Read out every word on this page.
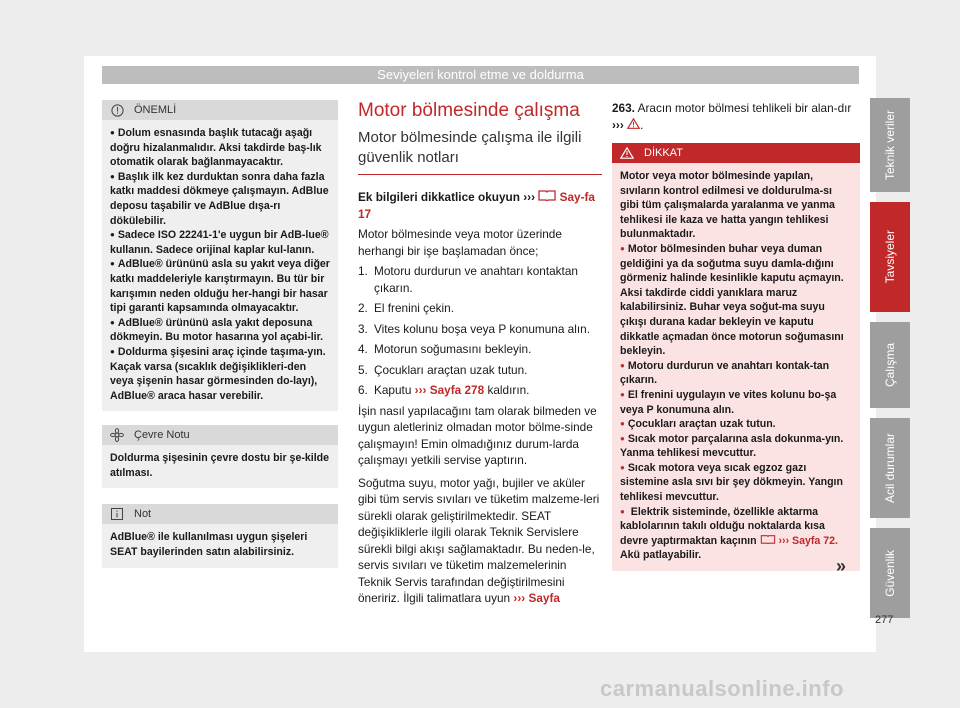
Seviyeleri kontrol etme ve doldurma
ÖNEMLİ

● Dolum esnasında başlık tutacağı aşağı doğru hizalanmalıdır. Aksi takdirde baş-lık otomatik olarak bağlanmayacaktır.

● Başlık ilk kez durduktan sonra daha fazla katkı maddesi dökmeye çalışmayın. AdBlue deposu taşabilir ve AdBlue dışa-rı dökülebilir.

● Sadece ISO 22241-1'e uygun bir AdB-lue® kullanın. Sadece orijinal kaplar kul-lanın.

● AdBlue® ürününü asla su yakıt veya diğer katkı maddeleriyle karıştırmayın. Bu tür bir karışımın neden olduğu her-hangi bir hasar tipi garanti kapsamında olmayacaktır.

● AdBlue® ürününü asla yakıt deposuna dökmeyin. Bu motor hasarına yol açabi-lir.

● Doldurma şişesini araç içinde taşıma-yın. Kaçak varsa (sıcaklık değişiklikleri-den veya şişenin hasar görmesinden do-layı), AdBlue® araca hasar verebilir.

Çevre Notu

Doldurma şişesinin çevre dostu bir şe-kilde atılması.

Not

AdBlue® ile kullanılması uygun şişeleri SEAT bayilerinden satın alabilirsiniz.

Motor bölmesinde çalışma
Motor bölmesinde çalışma ile ilgili güvenlik notları

Ek bilgileri dikkatlice okuyun ››› Say-fa 17

Motor bölmesinde veya motor üzerinde herhangi bir işe başlamadan önce;

1. Motoru durdurun ve anahtarı kontaktan çıkarın.
2. El frenini çekin.
3. Vites kolunu boşa veya P konumuna alın.
4. Motorun soğumasını bekleyin.
5. Çocukları araçtan uzak tutun.
6. Kaputu ››› Sayfa 278 kaldırın.

İşin nasıl yapılacağını tam olarak bilmeden ve uygun aletleriniz olmadan motor bölme-sinde çalışmayın! Emin olmadığınız durum-larda çalışmayı yetkili servise yaptırın.

Soğutma suyu, motor yağı, bujiler ve aküler gibi tüm servis sıvıları ve tüketim malzeme-leri sürekli olarak geliştirilmektedir. SEAT değişikliklerle ilgili olarak Teknik Servislere sürekli bilgi akışı sağlamaktadır. Bu neden-le, servis sıvıları ve tüketim malzemelerinin Teknik Servis tarafından değiştirilmesini öneririz. İlgili talimatlara uyun ››› Sayfa

263. Aracın motor bölmesi tehlikeli bir alan-dır ››› .

DİKKAT

Motor veya motor bölmesinde yapılan, sıvıların kontrol edilmesi ve doldurulma-sı gibi tüm çalışmalarda yaralanma ve yanma tehlikesi ile kaza ve hatta yangın tehlikesi bulunmaktadır.

● Motor bölmesinden buhar veya duman geldiğini ya da soğutma suyu damla-dığını görmeniz halinde kesinlikle kaputu açmayın. Aksi takdirde ciddi yanıklara maruz kalabilirsiniz. Buhar veya soğut-ma suyu çıkışı durana kadar bekleyin ve kaputu dikkatle açmadan önce motorun soğumasını bekleyin.

● Motoru durdurun ve anahtarı kontak-tan çıkarın.

● El frenini uygulayın ve vites kolunu bo-şa veya P konumuna alın.

● Çocukları araçtan uzak tutun.

● Sıcak motor parçalarına asla dokunma-yın. Yanma tehlikesi mevcuttur.

● Sıcak motora veya sıcak egzoz gazı sistemine asla sıvı bir şey dökmeyin. Yangın tehlikesi mevcuttur.

● Elektrik sisteminde, özellikle aktarma kablolarının takılı olduğu noktalarda kısa devre yaptırmaktan kaçının ››› Sayfa 72. Akü patlayabilir.

»
Teknik veriler
Tavsiyeler
Çalışma
Acil durumlar
Güvenlik
277
carmanualsonline.info
